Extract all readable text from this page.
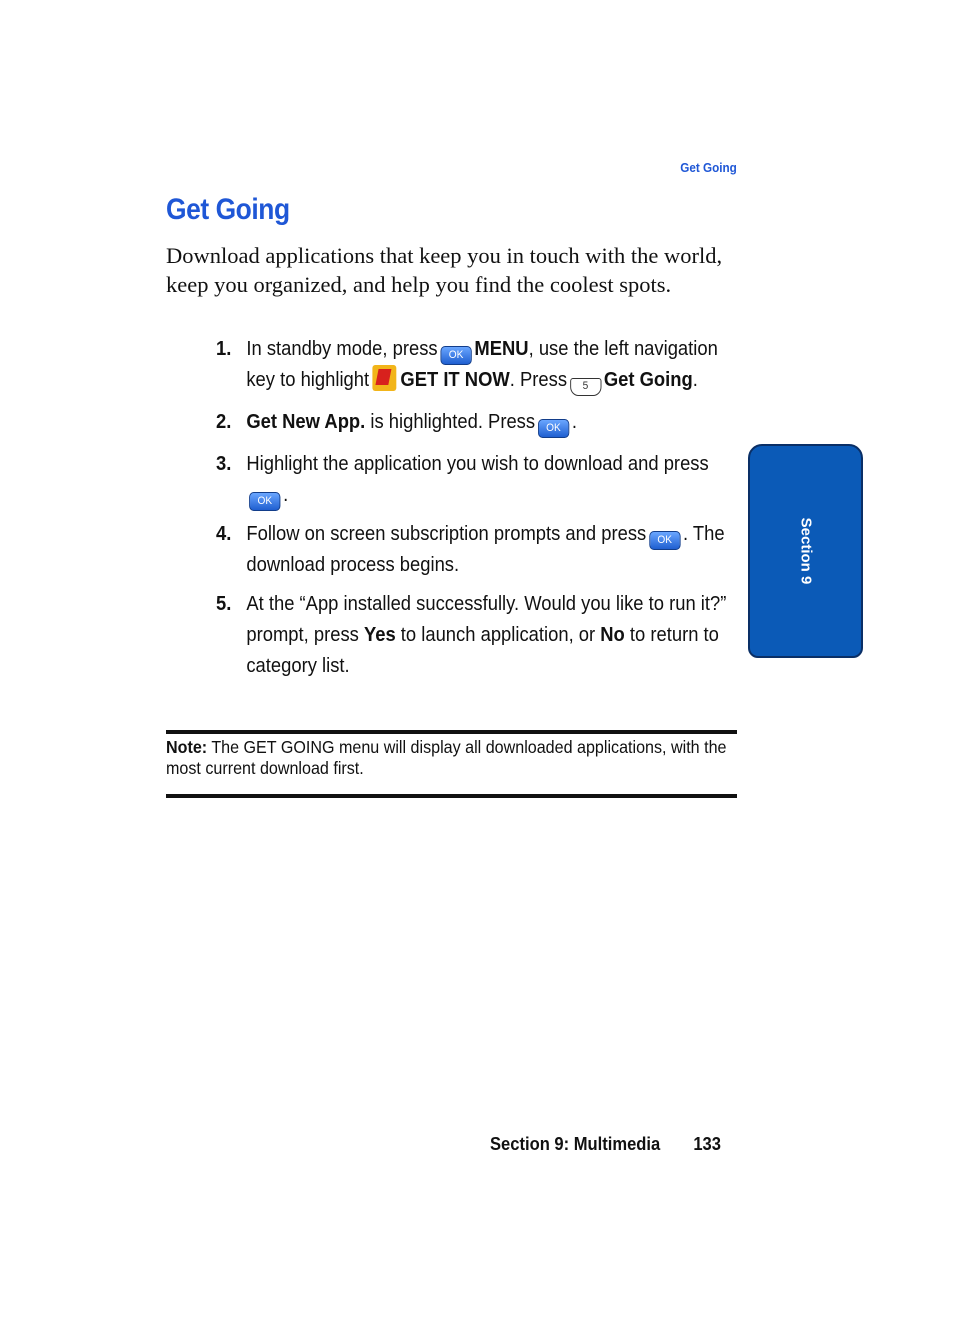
Get Going
Get Going

Download applications that keep you in touch with the world, keep you organized, and help you find the coolest spots.

1. In standby mode, press OK MENU, use the left navigation key to highlight GET IT NOW. Press 5 Get Going.
2. Get New App. is highlighted. Press OK .
3. Highlight the application you wish to download and pressOK .
4. Follow on screen subscription prompts and press OK . The download process begins.
5. At the “App installed successfully. Would you like to run it?” prompt, press Yes to launch application, or No to return to category list.

Note: The GET GOING menu will display all downloaded applications, with the most current download first.

Section 9
Section 9: Multimedia 133
